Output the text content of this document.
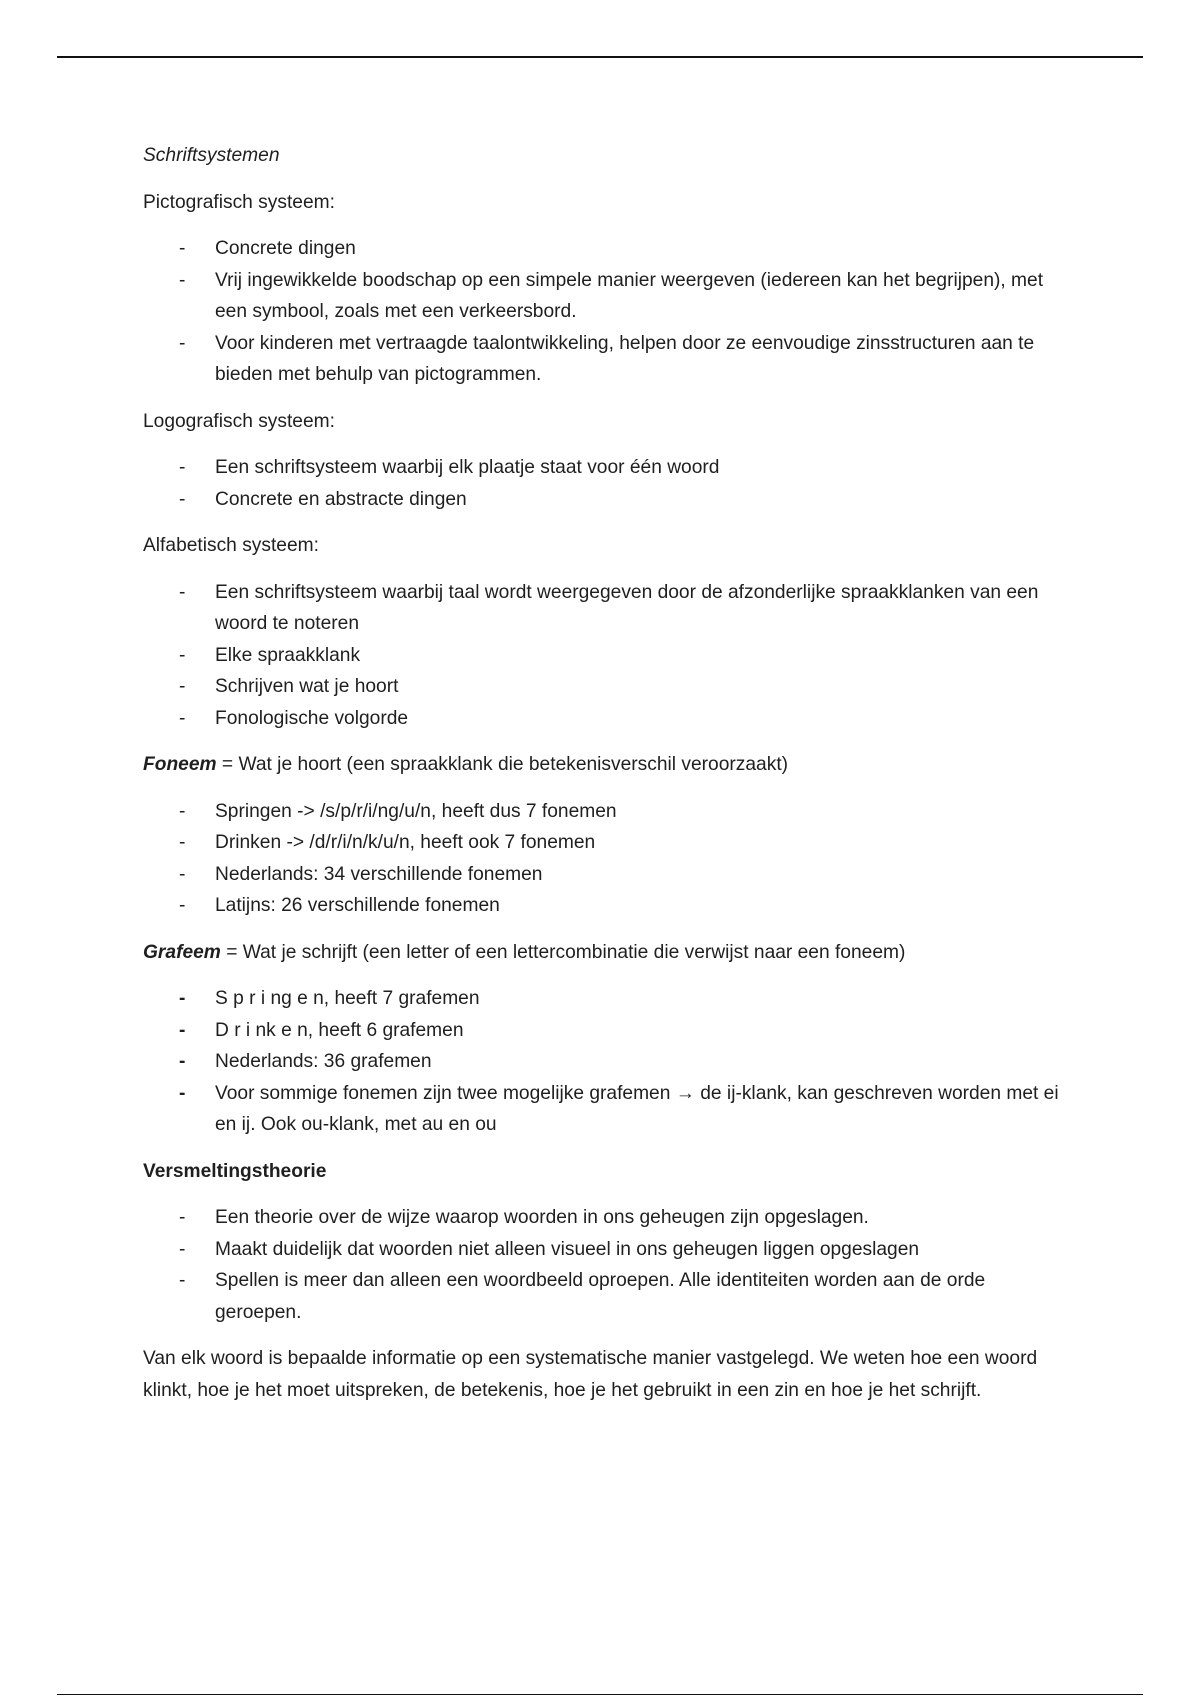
Schriftsystemen
Pictografisch systeem:
- Concrete dingen
- Vrij ingewikkelde boodschap op een simpele manier weergeven (iedereen kan het begrijpen), met een symbool, zoals met een verkeersbord.
- Voor kinderen met vertraagde taalontwikkeling, helpen door ze eenvoudige zinsstructuren aan te bieden met behulp van pictogrammen.
Logografisch systeem:
- Een schriftsysteem waarbij elk plaatje staat voor één woord
- Concrete en abstracte dingen
Alfabetisch systeem:
- Een schriftsysteem waarbij taal wordt weergegeven door de afzonderlijke spraakklanken van een woord te noteren
- Elke spraakklank
- Schrijven wat je hoort
- Fonologische volgorde
Foneem = Wat je hoort (een spraakklank die betekenisverschil veroorzaakt)
- Springen -> /s/p/r/i/ng/u/n, heeft dus 7 fonemen
- Drinken -> /d/r/i/n/k/u/n, heeft ook 7 fonemen
- Nederlands: 34 verschillende fonemen
- Latijns: 26 verschillende fonemen
Grafeem = Wat je schrijft (een letter of een lettercombinatie die verwijst naar een foneem)
- S p r i ng e n, heeft 7 grafemen
- D r i nk e n, heeft 6 grafemen
- Nederlands: 36 grafemen
- Voor sommige fonemen zijn twee mogelijke grafemen → de ij-klank, kan geschreven worden met ei en ij. Ook ou-klank, met au en ou
Versmeltingstheorie
- Een theorie over de wijze waarop woorden in ons geheugen zijn opgeslagen.
- Maakt duidelijk dat woorden niet alleen visueel in ons geheugen liggen opgeslagen
- Spellen is meer dan alleen een woordbeeld oproepen. Alle identiteiten worden aan de orde geroepen.

Van elk woord is bepaalde informatie op een systematische manier vastgelegd. We weten hoe een woord klinkt, hoe je het moet uitspreken, de betekenis, hoe je het gebruikt in een zin en hoe je het schrijft.
